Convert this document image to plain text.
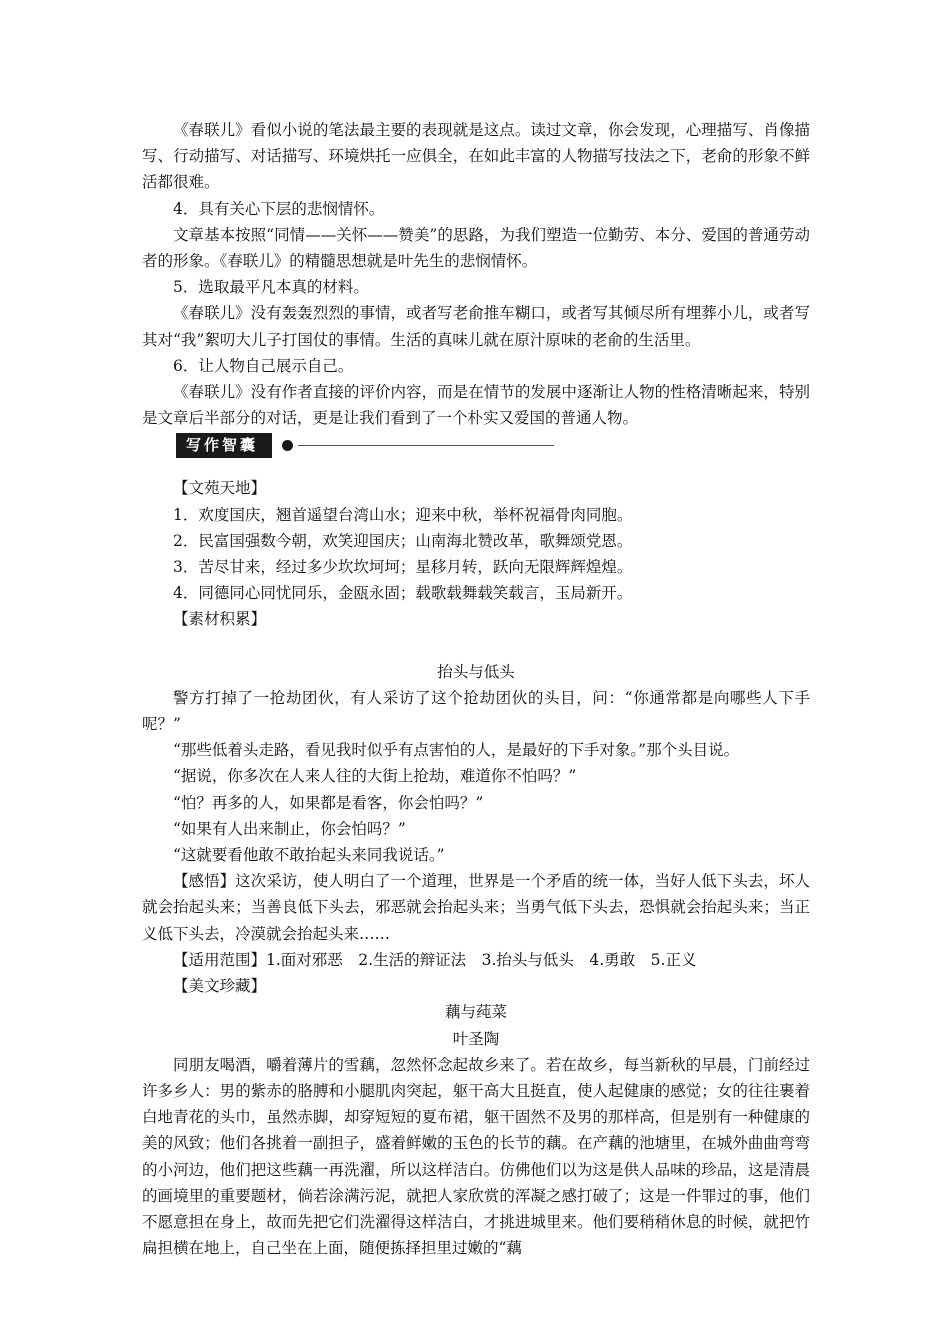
《春联儿》看似小说的笔法最主要的表现就是这点。读过文章，你会发现，心理描写、肖像描写、行动描写、对话描写、环境烘托一应俱全，在如此丰富的人物描写技法之下，老俞的形象不鲜活都很难。

4．具有关心下层的悲悯情怀。

文章基本按照“同情——关怀——赞美”的思路，为我们塑造一位勤劳、本分、爱国的普通劳动者的形象。《春联儿》的精髓思想就是叶先生的悲悯情怀。

5．选取最平凡本真的材料。

《春联儿》没有轰轰烈烈的事情，或者写老俞推车糊口，或者写其倾尽所有埋葬小儿，或者写其对“我”絮叨大儿子打国仗的事情。生活的真味儿就在原汁原味的老俞的生活里。

6．让人物自己展示自己。

《春联儿》没有作者直接的评价内容，而是在情节的发展中逐渐让人物的性格清晰起来，特别是文章后半部分的对话，更是让我们看到了一个朴实又爱国的普通人物。

写作智囊

【文苑天地】

1．欢度国庆，翘首遥望台湾山水；迎来中秋，举杯祝福骨肉同胞。

2．民富国强数今朝，欢笑迎国庆；山南海北赞改革，歌舞颂党恩。

3．苦尽甘来，经过多少坎坎坷坷；星移月转，跃向无限辉辉煌煌。

4．同德同心同忧同乐，金瓯永固；载歌载舞载笑载言，玉局新开。

【素材积累】

抬头与低头

警方打掉了一抢劫团伙，有人采访了这个抢劫团伙的头目，问：“你通常都是向哪些人下手呢？”

“那些低着头走路，看见我时似乎有点害怕的人，是最好的下手对象。”那个头目说。

“据说，你多次在人来人往的大街上抢劫，难道你不怕吗？”

“怕？再多的人，如果都是看客，你会怕吗？”

“如果有人出来制止，你会怕吗？”

“这就要看他敢不敢抬起头来同我说话。”

【感悟】这次采访，使人明白了一个道理，世界是一个矛盾的统一体，当好人低下头去，坏人就会抬起头来；当善良低下头去，邪恶就会抬起头来；当勇气低下头去，恐惧就会抬起头来；当正义低下头去，冷漠就会抬起头来……

【适用范围】1.面对邪恶　2.生活的辩证法　3.抬头与低头　4.勇敢　5.正义

【美文珍藏】

藕与莼菜

叶圣陶

同朋友喝酒，嚼着薄片的雪藕，忽然怀念起故乡来了。若在故乡，每当新秋的早晨，门前经过许多乡人：男的紫赤的胳膊和小腿肌肉突起，躯干高大且挺直，使人起健康的感觉；女的往往裹着白地青花的头巾，虽然赤脚，却穿短短的夏布裙，躯干固然不及男的那样高，但是别有一种健康的美的风致；他们各挑着一副担子，盛着鲜嫩的玉色的长节的藕。在产藕的池塘里，在城外曲曲弯弯的小河边，他们把这些藕一再洗濯，所以这样洁白。仿佛他们以为这是供人品味的珍品，这是清晨的画境里的重要题材，倘若涂满污泥，就把人家欣赏的浑凝之感打破了；这是一件罪过的事，他们不愿意担在身上，故而先把它们洗濯得这样洁白，才挑进城里来。他们要稍稍休息的时候，就把竹扁担横在地上，自己坐在上面，随便拣择担里过嫩的“藕
